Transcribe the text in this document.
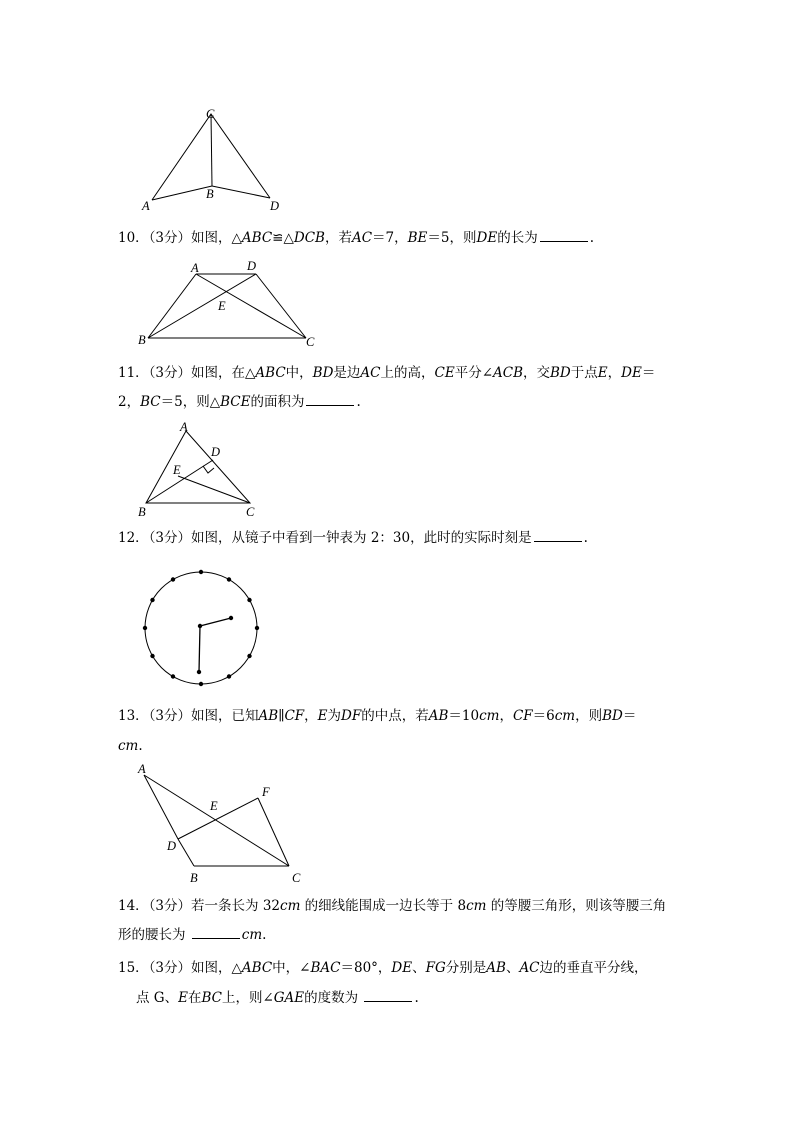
C
B
A	D
10．（3分）如图，△ABC≌△DCB，若AC＝7，BE＝5，则DE的长为	.
A	D
E
B	C
11．（3分）如图，在△ABC中，BD是边AC上的高，CE平分∠ACB，交BD于点E，DE＝
2，BC＝5，则△BCE的面积为	.
A
D
E
B	C
12．（3分）如图，从镜子中看到一钟表为 2：30，此时的实际时刻是	.
13．（3分）如图，已知AB∥CF，E为DF的中点，若AB＝10cm，CF＝6cm，则BD＝
cm.
A
F
E
D
B	C
14．（3分）若一条长为 32cm 的细线能围成一边长等于 8cm 的等腰三角形，则该等腰三角
形的腰长为	cm.
15．（3分）如图，△ABC中，∠BAC＝80°，DE、FG分别是AB、AC边的垂直平分线，
点 G、E在BC上，则∠GAE的度数为	.
